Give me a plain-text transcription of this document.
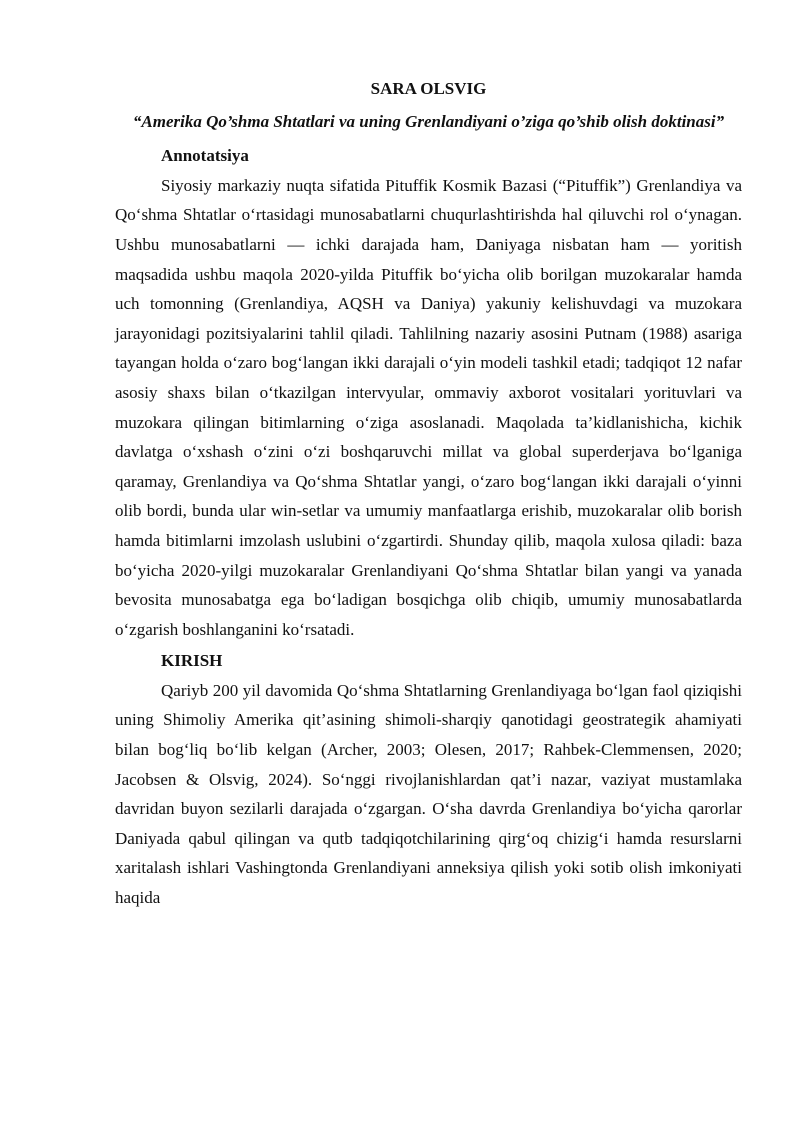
SARA OLSVIG

“Amerika Qo’shma Shtatlari va uning Grenlandiyani o’ziga qo’shib olish doktinasi”

Annotatsiya

Siyosiy markaziy nuqta sifatida Pituffik Kosmik Bazasi (“Pituffik”) Grenlandiya va Qo‘shma Shtatlar o‘rtasidagi munosabatlarni chuqurlashtirishda hal qiluvchi rol o‘ynagan. Ushbu munosabatlarni — ichki darajada ham, Daniyaga nisbatan ham — yoritish maqsadida ushbu maqola 2020-yilda Pituffik bo‘yicha olib borilgan muzokaralar hamda uch tomonning (Grenlandiya, AQSH va Daniya) yakuniy kelishuvdagi va muzokara jarayonidagi pozitsiyalarini tahlil qiladi. Tahlilning nazariy asosini Putnam (1988) asariga tayangan holda o‘zaro bog‘langan ikki darajali o‘yin modeli tashkil etadi; tadqiqot 12 nafar asosiy shaxs bilan o‘tkazilgan intervyular, ommaviy axborot vositalari yorituvlari va muzokara qilingan bitimlarning o‘ziga asoslanadi. Maqolada ta’kidlanishicha, kichik davlatga o‘xshash o‘zini o‘zi boshqaruvchi millat va global superderjava bo‘lganiga qaramay, Grenlandiya va Qo‘shma Shtatlar yangi, o‘zaro bog‘langan ikki darajali o‘yinni olib bordi, bunda ular win-setlar va umumiy manfaatlarga erishib, muzokaralar olib borish hamda bitimlarni imzolash uslubini o‘zgartirdi. Shunday qilib, maqola xulosa qiladi: baza bo‘yicha 2020-yilgi muzokaralar Grenlandiyani Qo‘shma Shtatlar bilan yangi va yanada bevosita munosabatga ega bo‘ladigan bosqichga olib chiqib, umumiy munosabatlarda o‘zgarish boshlanganini ko‘rsatadi.

KIRISH

Qariyb 200 yil davomida Qo‘shma Shtatlarning Grenlandiyaga bo‘lgan faol qiziqishi uning Shimoliy Amerika qit’asining shimoli-sharqiy qanotidagi geostrategik ahamiyati bilan bog‘liq bo‘lib kelgan (Archer, 2003; Olesen, 2017; Rahbek-Clemmensen, 2020; Jacobsen & Olsvig, 2024). So‘nggi rivojlanishlardan qat’i nazar, vaziyat mustamlaka davridan buyon sezilarli darajada o‘zgargan. O‘sha davrda Grenlandiya bo‘yicha qarorlar Daniyada qabul qilingan va qutb tadqiqotchilarining qirg‘oq chizig‘i hamda resurslarni xaritalash ishlari Vashingtonda Grenlandiyani anneksiya qilish yoki sotib olish imkoniyati haqida
